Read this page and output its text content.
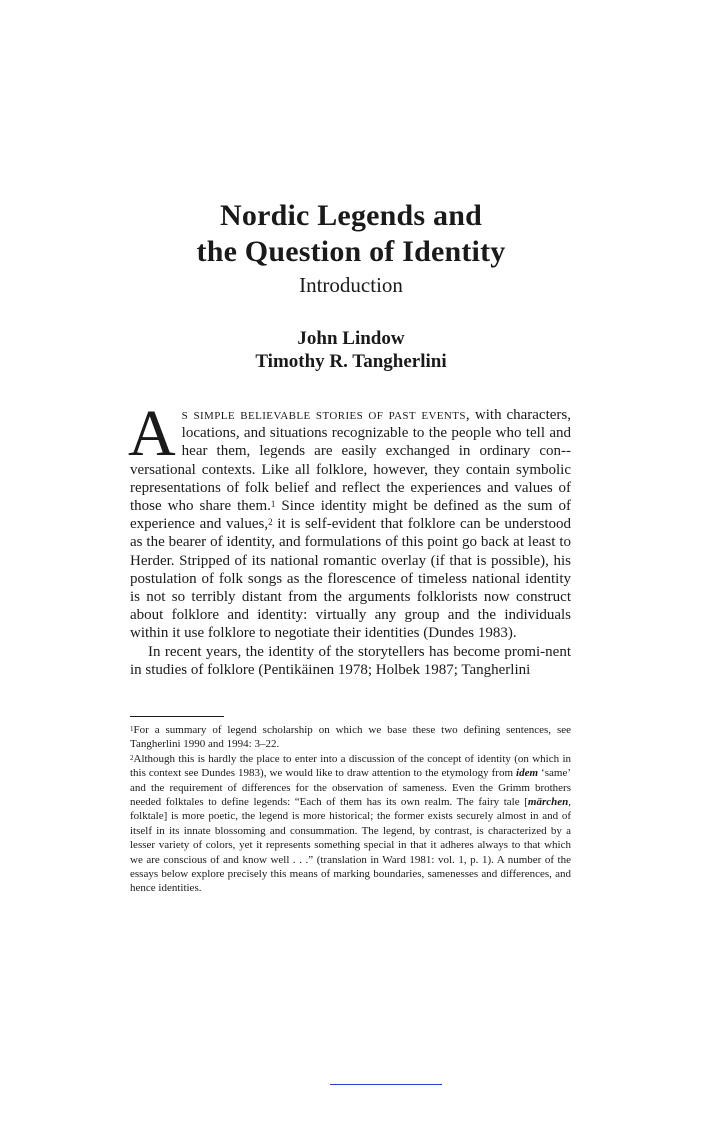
Nordic Legends and
the Question of Identity
Introduction
John Lindow
Timothy R. Tangherlini

As simple believable stories of past events, with characters, locations, and situations recognizable to the people who tell and hear them, legends are easily exchanged in ordinary con-versational contexts. Like all folklore, however, they contain symbolic representations of folk belief and reflect the experiences and values of those who share them.$^1$ Since identity might be defined as the sum of experience and values,$^2$ it is self-evident that folklore can be understood as the bearer of identity, and formulations of this point go back at least to Herder. Stripped of its national romantic overlay (if that is possible), his postulation of folk songs as the florescence of timeless national identity is not so terribly distant from the arguments folklorists now construct about folklore and identity: virtually any group and the individuals within it use folklore to negotiate their identities (Dundes 1983).

In recent years, the identity of the storytellers has become promi-nent in studies of folklore (Pentikäinen 1978; Holbek 1987; Tangherlini

$^1$For a summary of legend scholarship on which we base these two defining sentences, see Tangherlini 1990 and 1994: 3–22.

$^2$Although this is hardly the place to enter into a discussion of the concept of identity (on which in this context see Dundes 1983), we would like to draw attention to the etymology from idem ‘same’ and the requirement of differences for the observation of sameness. Even the Grimm brothers needed folktales to define legends: “Each of them has its own realm. The fairy tale [märchen, folktale] is more poetic, the legend is more historical; the former exists securely almost in and of itself in its innate blossoming and consummation. The legend, by contrast, is characterized by a lesser variety of colors, yet it represents something special in that it adheres always to that which we are conscious of and know well . . .” (translation in Ward 1981: vol. 1, p. 1). A number of the essays below explore precisely this means of marking boundaries, samenesses and differences, and hence identities.
